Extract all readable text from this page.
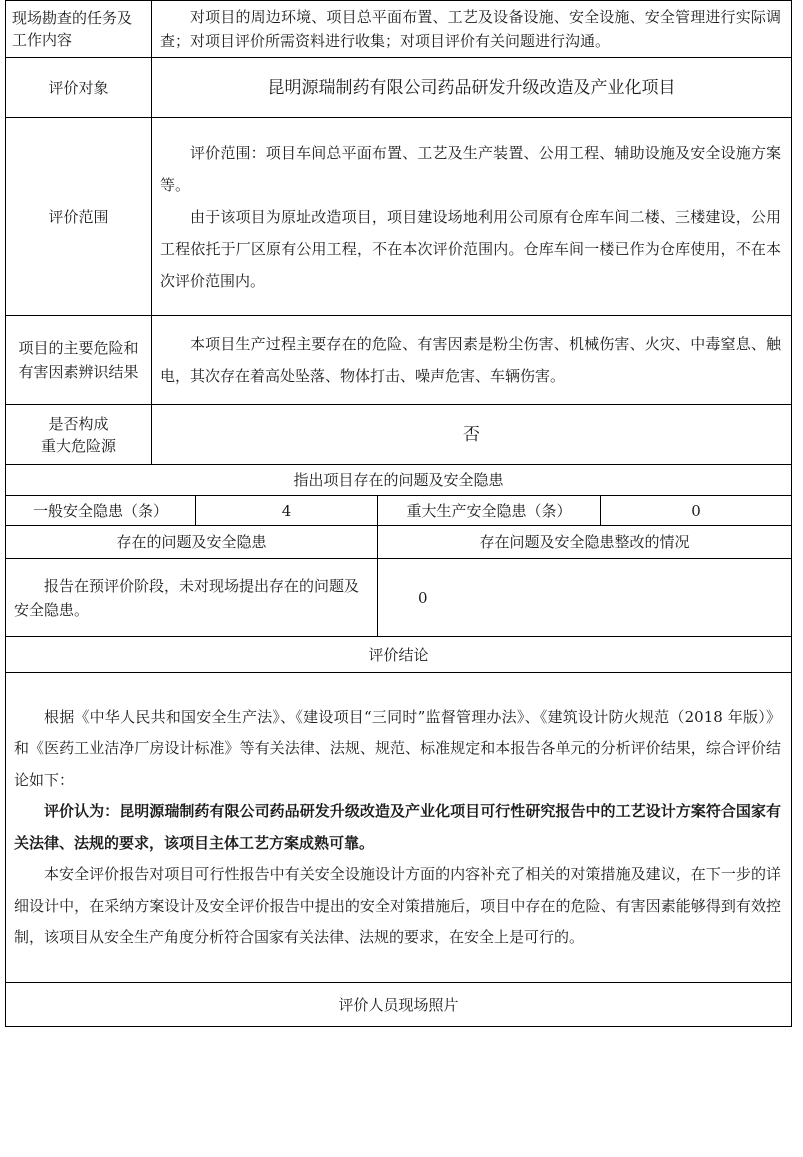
现场勘查的任务及工作内容	对项目的周边环境、项目总平面布置、工艺及设备设施、安全设施、安全管理进行实际调查；对项目评价所需资料进行收集；对项目评价有关问题进行沟通。			

评价对象	昆明源瑞制药有限公司药品研发升级改造及产业化项目			
评价范围	评价范围：项目车间总平面布置、工艺及生产装置、公用工程、辅助设施及安全设施方案等。

由于该项目为原址改造项目，项目建设场地利用公司原有仓库车间二楼、三楼建设，公用工程依托于厂区原有公用工程，不在本次评价范围内。仓库车间一楼已作为仓库使用，不在本次评价范围内。			

项目的主要危险和有害因素辨识结果	本项目生产过程主要存在的危险、有害因素是粉尘伤害、机械伤害、火灾、中毒窒息、触电，其次存在着高处坠落、物体打击、噪声危害、车辆伤害。			

是否构成
重大危险源	否			
指出项目存在的问题及安全隐患				
一般安全隐患（条）		4	重大生产安全隐患（条）	0
存在的问题及安全隐患			存在问题及安全隐患整改的情况	
报告在预评价阶段，未对现场提出存在的问题及安全隐患。			0	
评价结论				

根据《中华人民共和国安全生产法》、《建设项目“三同时”监督管理办法》、《建筑设计防火规范（2018 年版）》和《医药工业洁净厂房设计标准》等有关法律、法规、规范、标准规定和本报告各单元的分析评价结果，综合评价结论如下：

评价认为：昆明源瑞制药有限公司药品研发升级改造及产业化项目可行性研究报告中的工艺设计方案符合国家有关法律、法规的要求，该项目主体工艺方案成熟可靠。

本安全评价报告对项目可行性报告中有关安全设施设计方面的内容补充了相关的对策措施及建议，在下一步的详细设计中，在采纳方案设计及安全评价报告中提出的安全对策措施后，项目中存在的危险、有害因素能够得到有效控制，该项目从安全生产角度分析符合国家有关法律、法规的要求，在安全上是可行的。				

评价人员现场照片				
